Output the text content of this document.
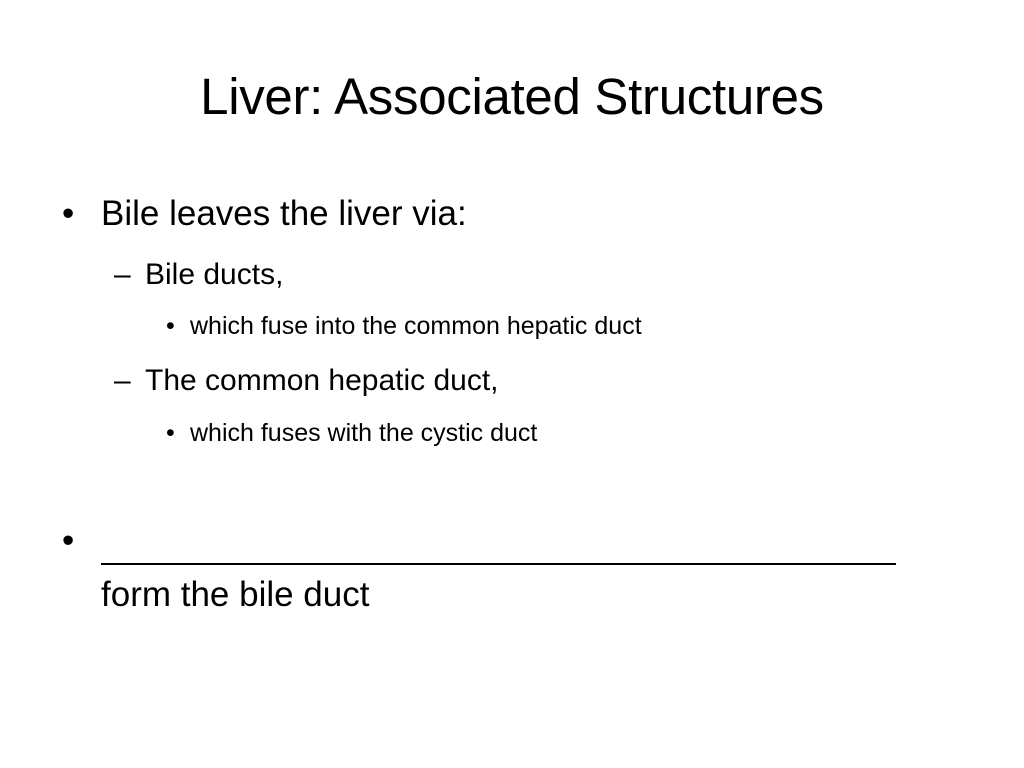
Liver: Associated Structures
• Bile leaves the liver via:
– Bile ducts,
• which fuse into the common hepatic duct
– The common hepatic duct,
• which fuses with the cystic duct
•
form the bile duct
